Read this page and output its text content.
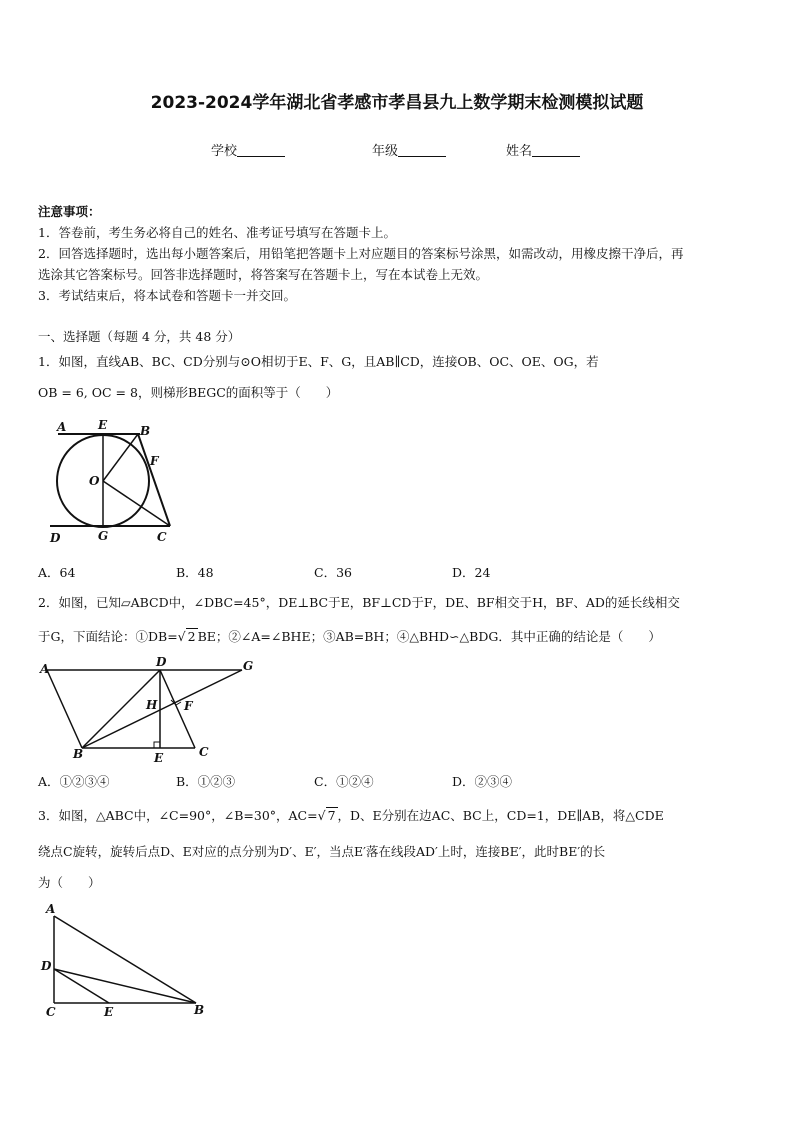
2023-2024学年湖北省孝感市孝昌县九上数学期末检测模拟试题
学校	年级	姓名
注意事项：
1．答卷前，考生务必将自己的姓名、准考证号填写在答题卡上。
2．回答选择题时，选出每小题答案后，用铅笔把答题卡上对应题目的答案标号涂黑，如需改动，用橡皮擦干净后，再
选涂其它答案标号。回答非选择题时，将答案写在答题卡上，写在本试卷上无效。
3．考试结束后，将本试卷和答题卡一并交回。
一、选择题（每题 4 分，共 48 分）
1．如图，直线AB、BC、CD分别与⊙O相切于E、F、G，且AB∥CD，连接OB、OC、OE、OG，若
OB = 6, OC = 8，则梯形BEGC的面积等于（　　）
A	E	B
F
O
D	G	C
A．64	B．48	C．36	D．24
2．如图，已知▱ABCD中，∠DBC=45°，DE⊥BC于E，BF⊥CD于F，DE、BF相交于H，BF、AD的延长线相交
于G，下面结论：①DB=√ 2 BE；②∠A=∠BHE；③AB=BH；④△BHD∽△BDG．其中正确的结论是（　　）
A	D	G
H F
B	E	C
A．①②③④	B．①②③	C．①②④	D．②③④
3．如图，△ABC中，∠C=90°，∠B=30°，AC=√ 7 ，D、E分别在边AC、BC上，CD=1，DE∥AB，将△CDE
绕点C旋转，旋转后点D、E对应的点分别为D′、E′，当点E′落在线段AD′上时，连接BE′，此时BE′的长
为（　　）
A
D
C	E	B
